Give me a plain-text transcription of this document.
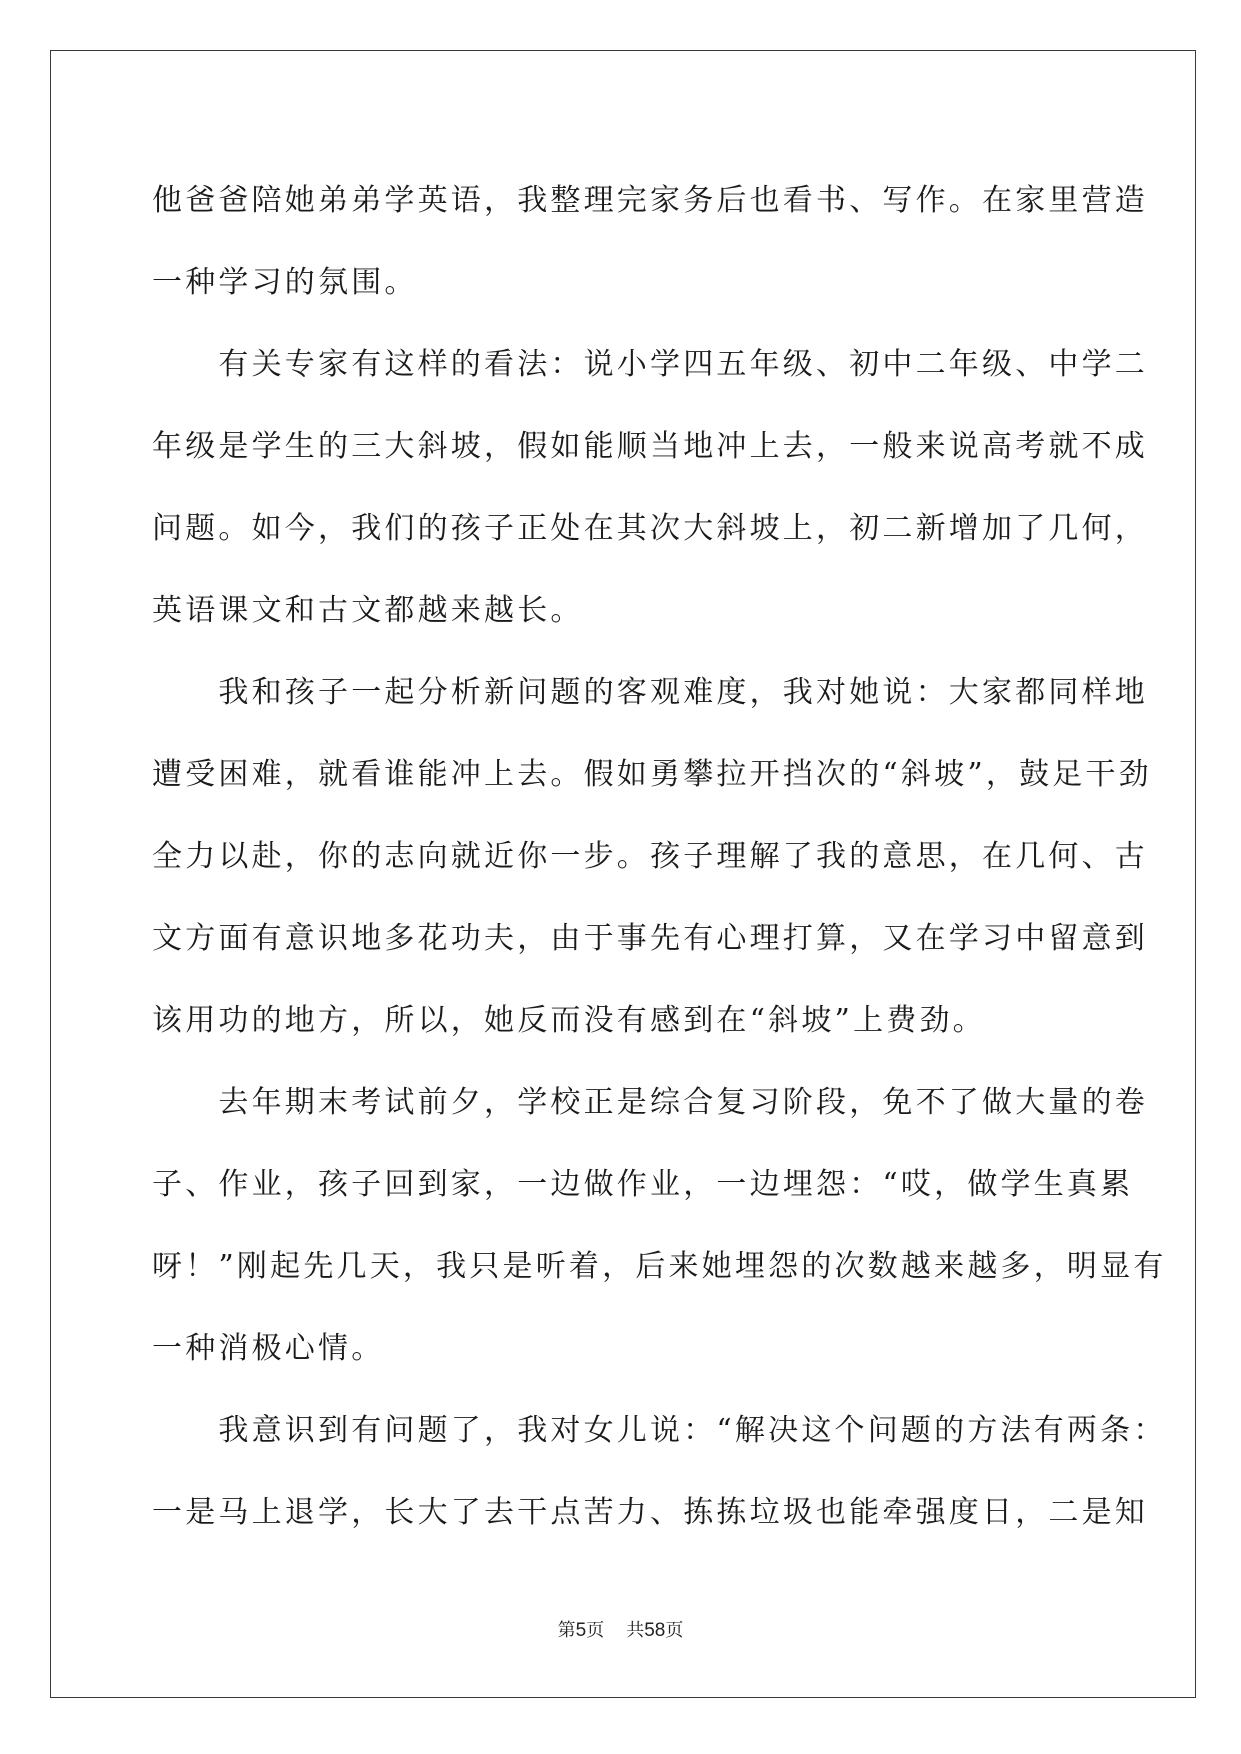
他爸爸陪她弟弟学英语，我整理完家务后也看书、写作。在家里营造
一种学习的氛围。
　　有关专家有这样的看法：说小学四五年级、初中二年级、中学二
年级是学生的三大斜坡，假如能顺当地冲上去，一般来说高考就不成
问题。如今，我们的孩子正处在其次大斜坡上，初二新增加了几何，
英语课文和古文都越来越长。
　　我和孩子一起分析新问题的客观难度，我对她说：大家都同样地
遭受困难，就看谁能冲上去。假如勇攀拉开挡次的“斜坡”，鼓足干劲
全力以赴，你的志向就近你一步。孩子理解了我的意思，在几何、古
文方面有意识地多花功夫，由于事先有心理打算，又在学习中留意到
该用功的地方，所以，她反而没有感到在“斜坡”上费劲。
　　去年期末考试前夕，学校正是综合复习阶段，免不了做大量的卷
子、作业，孩子回到家，一边做作业，一边埋怨：“哎，做学生真累
呀！”刚起先几天，我只是听着，后来她埋怨的次数越来越多，明显有
一种消极心情。
　　我意识到有问题了，我对女儿说：“解决这个问题的方法有两条：
一是马上退学，长大了去干点苦力、拣拣垃圾也能牵强度日，二是知
第5页 共58页
